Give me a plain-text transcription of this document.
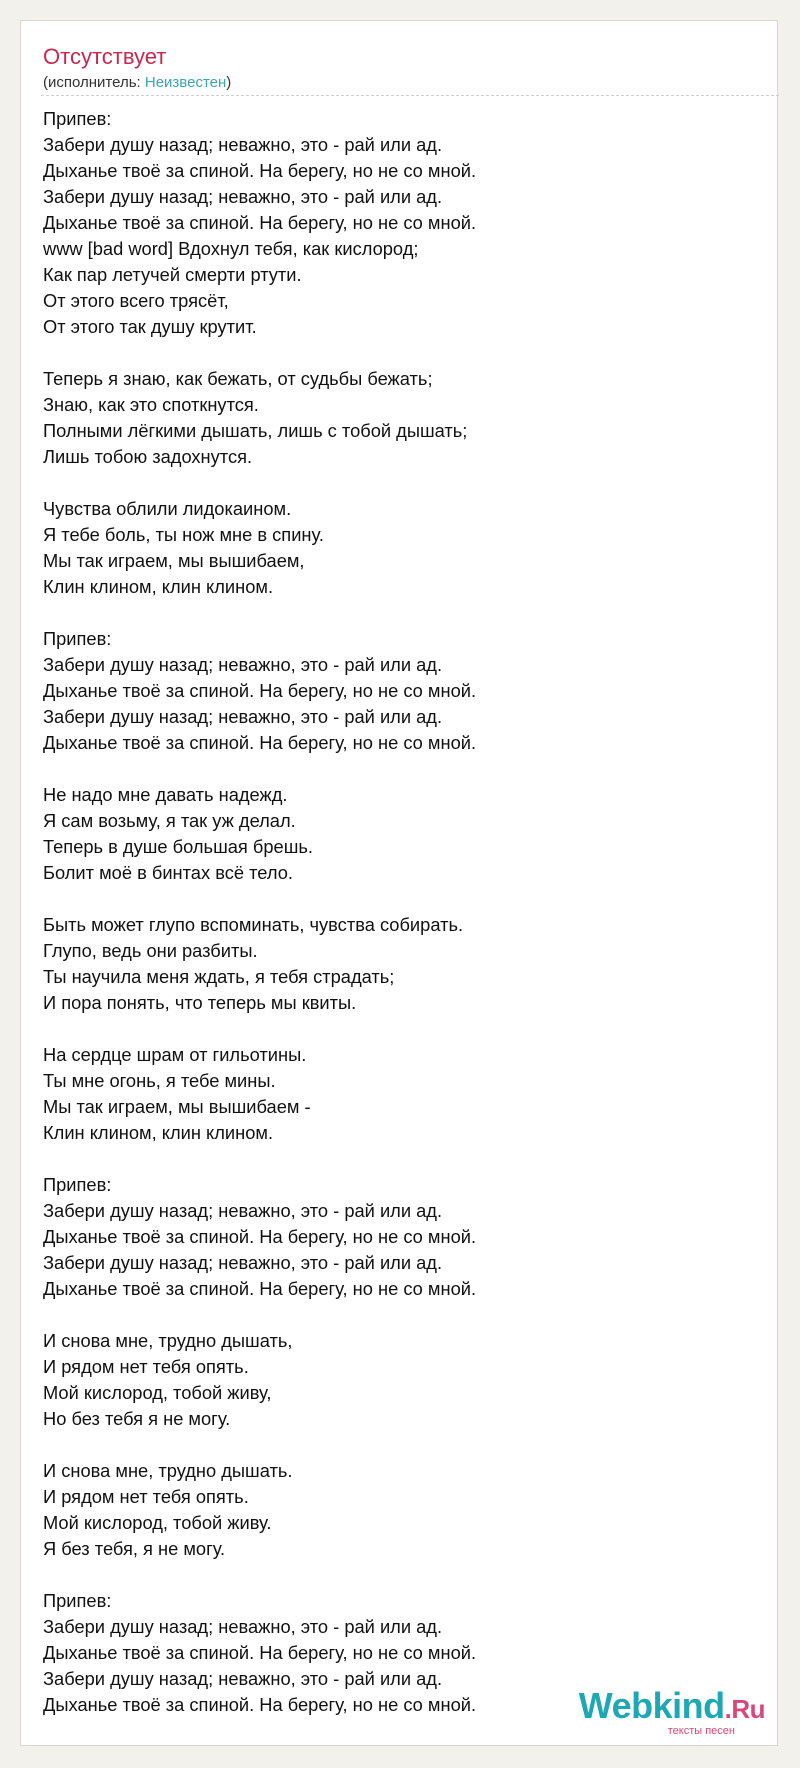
Отсутствует
(исполнитель: Неизвестен)
Припев:
Забери душу назад; неважно, это - рай или ад.
Дыханье твоё за спиной. На берегу, но не со мной.
Забери душу назад; неважно, это - рай или ад.
Дыханье твоё за спиной. На берегу, но не со мной.
www [bad word] Вдохнул тебя, как кислород;
Как пар летучей смерти ртути.
От этого всего трясёт,
От этого так душу крутит.
Теперь я знаю, как бежать, от судьбы бежать;
Знаю, как это споткнутся.
Полными лёгкими дышать, лишь с тобой дышать;
Лишь тобою задохнутся.
Чувства облили лидокаином.
Я тебе боль, ты нож мне в спину.
Мы так играем, мы вышибаем,
Клин клином, клин клином.
Припев:
Забери душу назад; неважно, это - рай или ад.
Дыханье твоё за спиной. На берегу, но не со мной.
Забери душу назад; неважно, это - рай или ад.
Дыханье твоё за спиной. На берегу, но не со мной.
Не надо мне давать надежд.
Я сам возьму, я так уж делал.
Теперь в душе большая брешь.
Болит моё в бинтах всё тело.
Быть может глупо вспоминать, чувства собирать.
Глупо, ведь они разбиты.
Ты научила меня ждать, я тебя страдать;
И пора понять, что теперь мы квиты.
На сердце шрам от гильотины.
Ты мне огонь, я тебе мины.
Мы так играем, мы вышибаем -
Клин клином, клин клином.
Припев:
Забери душу назад; неважно, это - рай или ад.
Дыханье твоё за спиной. На берегу, но не со мной.
Забери душу назад; неважно, это - рай или ад.
Дыханье твоё за спиной. На берегу, но не со мной.
И снова мне, трудно дышать,
И рядом нет тебя опять.
Мой кислород, тобой живу,
Но без тебя я не могу.
И снова мне, трудно дышать.
И рядом нет тебя опять.
Мой кислород, тобой живу.
Я без тебя, я не могу.
Припев:
Забери душу назад; неважно, это - рай или ад.
Дыханье твоё за спиной. На берегу, но не со мной.
Забери душу назад; неважно, это - рай или ад.
Дыханье твоё за спиной. На берегу, но не со мной.	Webkind.Ru
тексты песен
